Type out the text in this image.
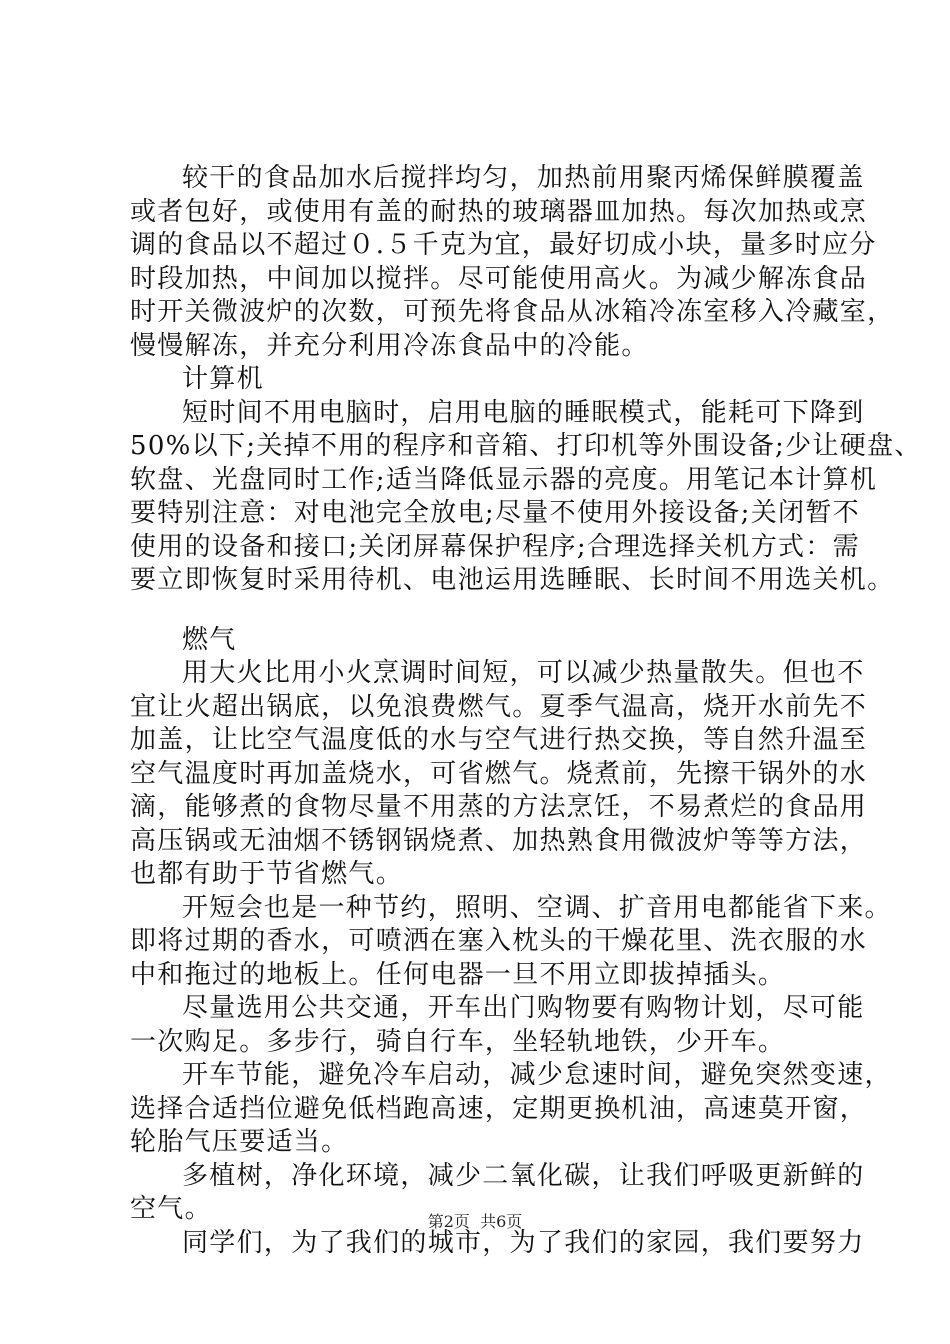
较干的食品加水后搅拌均匀，加热前用聚丙烯保鲜膜覆盖
或者包好，或使用有盖的耐热的玻璃器皿加热。每次加热或烹
调的食品以不超过０.５千克为宜，最好切成小块，量多时应分
时段加热，中间加以搅拌。尽可能使用高火。为减少解冻食品
时开关微波炉的次数，可预先将食品从冰箱冷冻室移入冷藏室，
慢慢解冻，并充分利用冷冻食品中的冷能。
计算机
短时间不用电脑时，启用电脑的睡眠模式，能耗可下降到
50%以下;关掉不用的程序和音箱、打印机等外围设备;少让硬盘、
软盘、光盘同时工作;适当降低显示器的亮度。用笔记本计算机
要特别注意：对电池完全放电;尽量不使用外接设备;关闭暂不
使用的设备和接口;关闭屏幕保护程序;合理选择关机方式：需
要立即恢复时采用待机、电池运用选睡眠、长时间不用选关机。
燃气
用大火比用小火烹调时间短，可以减少热量散失。但也不
宜让火超出锅底，以免浪费燃气。夏季气温高，烧开水前先不
加盖，让比空气温度低的水与空气进行热交换，等自然升温至
空气温度时再加盖烧水，可省燃气。烧煮前，先擦干锅外的水
滴，能够煮的食物尽量不用蒸的方法烹饪，不易煮烂的食品用
高压锅或无油烟不锈钢锅烧煮、加热熟食用微波炉等等方法，
也都有助于节省燃气。
开短会也是一种节约，照明、空调、扩音用电都能省下来。
即将过期的香水，可喷洒在塞入枕头的干燥花里、洗衣服的水
中和拖过的地板上。任何电器一旦不用立即拔掉插头。
尽量选用公共交通，开车出门购物要有购物计划，尽可能
一次购足。多步行，骑自行车，坐轻轨地铁，少开车。
开车节能，避免冷车启动，减少怠速时间，避免突然变速，
选择合适挡位避免低档跑高速，定期更换机油，高速莫开窗，
轮胎气压要适当。
多植树，净化环境，减少二氧化碳，让我们呼吸更新鲜的
空气。
同学们，为了我们的城市，为了我们的家园，我们要努力
第2页  共6页
